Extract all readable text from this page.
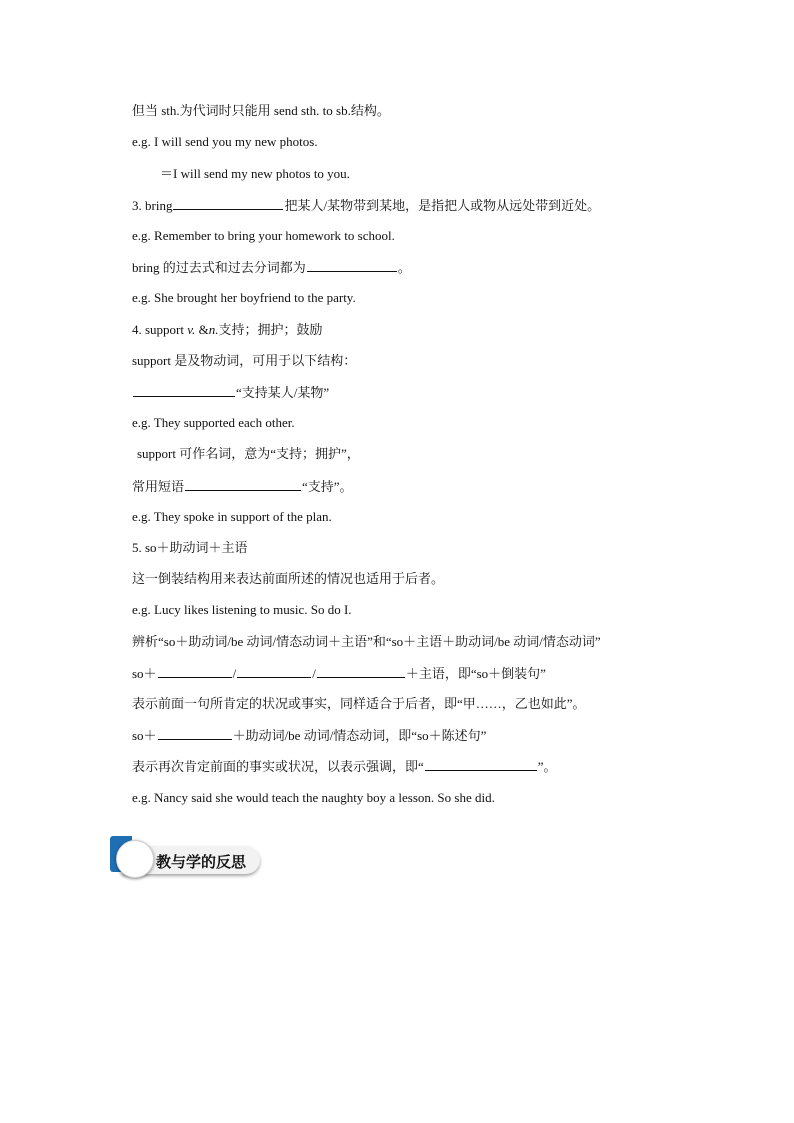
但当 sth.为代词时只能用 send sth. to sb.结构。
e.g. I will send you my new photos.
＝I will send my new photos to you.
3. bring	把某人/某物带到某地，是指把人或物从远处带到近处。
e.g. Remember to bring your homework to school.
bring 的过去式和过去分词都为	。
e.g. She brought her boyfriend to the party.
4. support v. &n.支持；拥护；鼓励
support 是及物动词，可用于以下结构：
“支持某人/某物”
e.g. They supported each other.
support 可作名词，意为“支持；拥护”，
常用短语	“支持”。
e.g. They spoke in support of the plan.
5. so＋助动词＋主语
这一倒装结构用来表达前面所述的情况也适用于后者。
e.g. Lucy likes listening to music. So do I.
辨析“so＋助动词/be 动词/情态动词＋主语”和“so＋主语＋助动词/be 动词/情态动词”
so＋	/	/	＋主语，即“so＋倒装句”
表示前面一句所肯定的状况或事实，同样适合于后者，即“甲……，乙也如此”。
so＋	＋助动词/be 动词/情态动词，即“so＋陈述句”
表示再次肯定前面的事实或状况，以表示强调，即“	”。
e.g. Nancy said she would teach the naughty boy a lesson. So she did.
教与学的反思
